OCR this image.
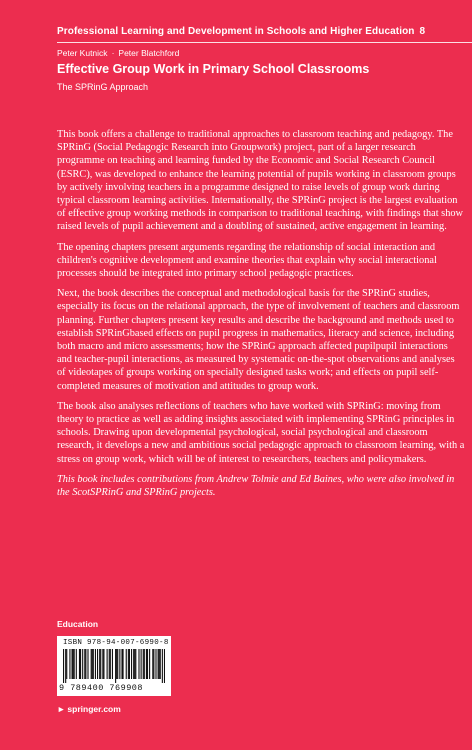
Professional Learning and Development in Schools and Higher Education 8
Peter Kutnick · Peter Blatchford
Effective Group Work in Primary School Classrooms
The SPRinG Approach

This book offers a challenge to traditional approaches to classroom teaching and pedagogy. The SPRinG (Social Pedagogic Research into Groupwork) project, part of a larger research programme on teaching and learning funded by the Economic and Social Research Council (ESRC), was developed to enhance the learning potential of pupils working in classroom groups by actively involving teachers in a programme designed to raise levels of group work during typical classroom learning activities. Internationally, the SPRinG project is the largest evaluation of effective group working methods in comparison to traditional teaching, with findings that show raised levels of pupil achievement and a doubling of sustained, active engagement in learning.

The opening chapters present arguments regarding the relationship of social interaction and children's cognitive development and examine theories that explain why social interactional processes should be integrated into primary school pedagogic practices.

Next, the book describes the conceptual and methodological basis for the SPRinG studies, especially its focus on the relational approach, the type of involvement of teachers and classroom planning. Further chapters present key results and describe the background and methods used to establish SPRinGbased effects on pupil progress in mathematics, literacy and science, including both macro and micro assessments; how the SPRinG approach affected pupilpupil interactions and teacher-pupil interactions, as measured by systematic on-the-spot observations and analyses of videotapes of groups working on specially designed tasks work; and effects on pupil self-completed measures of motivation and attitudes to group work.

The book also analyses reflections of teachers who have worked with SPRinG: moving from theory to practice as well as adding insights associated with implementing SPRinG principles in schools. Drawing upon developmental psychological, social psychological and classroom research, it develops a new and ambitious social pedagogic approach to classroom learning, with a stress on group work, which will be of interest to researchers, teachers and policymakers.

This book includes contributions from Andrew Tolmie and Ed Baines, who were also involved in the ScotSPRinG and SPRinG projects.

Education
ISBN 978-94-007-6990-8
9 789400 769908
► springer.com
